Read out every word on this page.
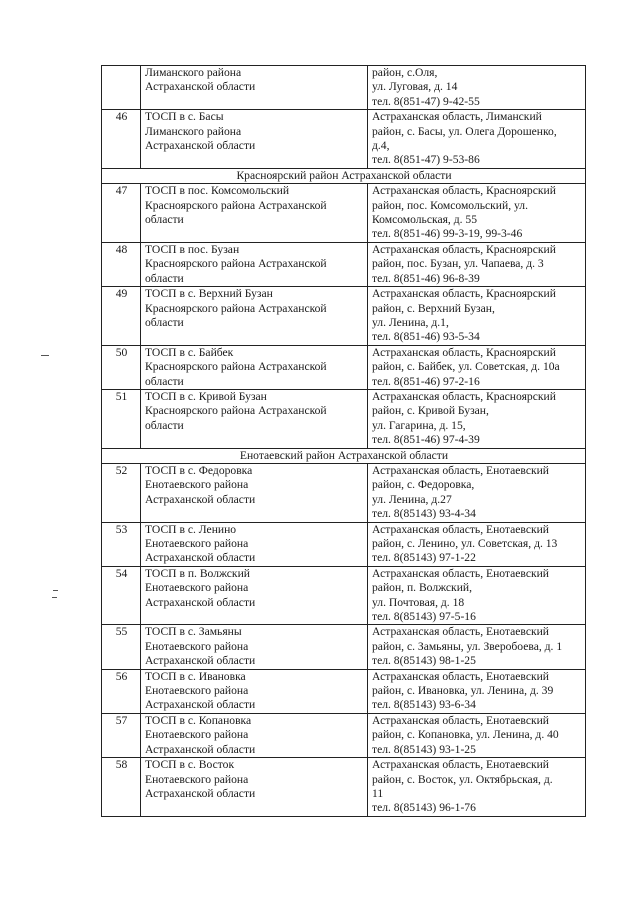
	Лиманского района
Астраханской области	район, с.Оля,
ул. Луговая, д. 14
тел. 8(851-47) 9-42-55
46	ТОСП в с. Басы
Лиманского района
Астраханской области	Астраханская область, Лиманский
район, с. Басы, ул. Олега Дорошенко,
д.4,
тел. 8(851-47) 9-53-86
Красноярский район Астраханской области		
47	ТОСП в пос. Комсомольский
Красноярского района Астраханской
области	Астраханская область, Красноярский
район, пос. Комсомольский, ул.
Комсомольская, д. 55
тел. 8(851-46) 99-3-19, 99-3-46
48	ТОСП в пос. Бузан
Красноярского района Астраханской
области	Астраханская область, Красноярский
район, пос. Бузан, ул. Чапаева, д. 3
тел. 8(851-46) 96-8-39
49	ТОСП в с. Верхний Бузан
Красноярского района Астраханской
области	Астраханская область, Красноярский
район, с. Верхний Бузан,
ул. Ленина, д.1,
тел. 8(851-46) 93-5-34
50	ТОСП в с. Байбек
Красноярского района Астраханской
области	Астраханская область, Красноярский
район, с. Байбек, ул. Советская, д. 10а
тел. 8(851-46) 97-2-16
51	ТОСП в с. Кривой Бузан
Красноярского района Астраханской
области	Астраханская область, Красноярский
район, с. Кривой Бузан,
ул. Гагарина, д. 15,
тел. 8(851-46) 97-4-39
Енотаевский район Астраханской области		
52	ТОСП в с. Федоровка
Енотаевского района
Астраханской области	Астраханская область, Енотаевский
район, с. Федоровка,
ул. Ленина, д.27
тел. 8(85143) 93-4-34
53	ТОСП в с. Ленино
Енотаевского района
Астраханской области	Астраханская область, Енотаевский
район, с. Ленино, ул. Советская, д. 13
тел. 8(85143) 97-1-22
54	ТОСП в п. Волжский
Енотаевского района
Астраханской области	Астраханская область, Енотаевский
район, п. Волжский,
ул. Почтовая, д. 18
тел. 8(85143) 97-5-16
55	ТОСП в с. Замьяны
Енотаевского района
Астраханской области	Астраханская область, Енотаевский
район, с. Замьяны, ул. Зверобоева, д. 1
тел. 8(85143) 98-1-25
56	ТОСП в с. Ивановка
Енотаевского района
Астраханской области	Астраханская область, Енотаевский
район, с. Ивановка, ул. Ленина, д. 39
тел. 8(85143) 93-6-34
57	ТОСП в с. Копановка
Енотаевского района
Астраханской области	Астраханская область, Енотаевский
район, с. Копановка, ул. Ленина, д. 40
тел. 8(85143) 93-1-25
58	ТОСП в с. Восток
Енотаевского района
Астраханской области	Астраханская область, Енотаевский
район, с. Восток, ул. Октябрьская, д.
11
тел. 8(85143) 96-1-76
